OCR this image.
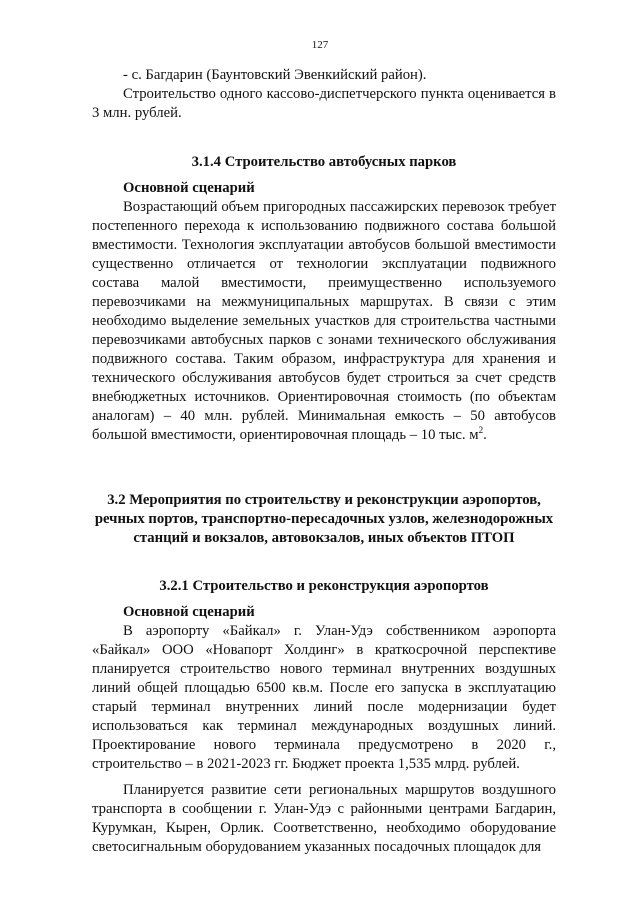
127

- с. Багдарин (Баунтовский Эвенкийский район).

Строительство одного кассово-диспетчерского пункта оценивается в 3 млн. рублей.

3.1.4 Строительство автобусных парков

Основной сценарий

Возрастающий объем пригородных пассажирских перевозок требует постепенного перехода к использованию подвижного состава большой вместимости. Технология эксплуатации автобусов большой вместимости существенно отличается от технологии эксплуатации подвижного состава малой вместимости, преимущественно используемого перевозчиками на межмуниципальных маршрутах. В связи с этим необходимо выделение земельных участков для строительства частными перевозчиками автобусных парков с зонами технического обслуживания подвижного состава. Таким образом, инфраструктура для хранения и технического обслуживания автобусов будет строиться за счет средств внебюджетных источников. Ориентировочная стоимость (по объектам аналогам) – 40 млн. рублей. Минимальная емкость – 50 автобусов большой вместимости, ориентировочная площадь – 10 тыс. $м^2$.

3.2 Мероприятия по строительству и реконструкции аэропортов, речных портов, транспортно-пересадочных узлов, железнодорожных станций и вокзалов, автовокзалов, иных объектов ПТОП
3.2.1 Строительство и реконструкция аэропортов

Основной сценарий

В аэропорту «Байкал» г. Улан-Удэ собственником аэропорта «Байкал» ООО «Новапорт Холдинг» в краткосрочной перспективе планируется строительство нового терминал внутренних воздушных линий общей площадью 6500 кв.м. После его запуска в эксплуатацию старый терминал внутренних линий после модернизации будет использоваться как терминал международных воздушных линий. Проектирование нового терминала предусмотрено в 2020 г., строительство – в 2021-2023 гг. Бюджет проекта 1,535 млрд. рублей.

Планируется развитие сети региональных маршрутов воздушного транспорта в сообщении г. Улан-Удэ с районными центрами Багдарин, Курумкан, Кырен, Орлик. Соответственно, необходимо оборудование светосигнальным оборудованием указанных посадочных площадок для
